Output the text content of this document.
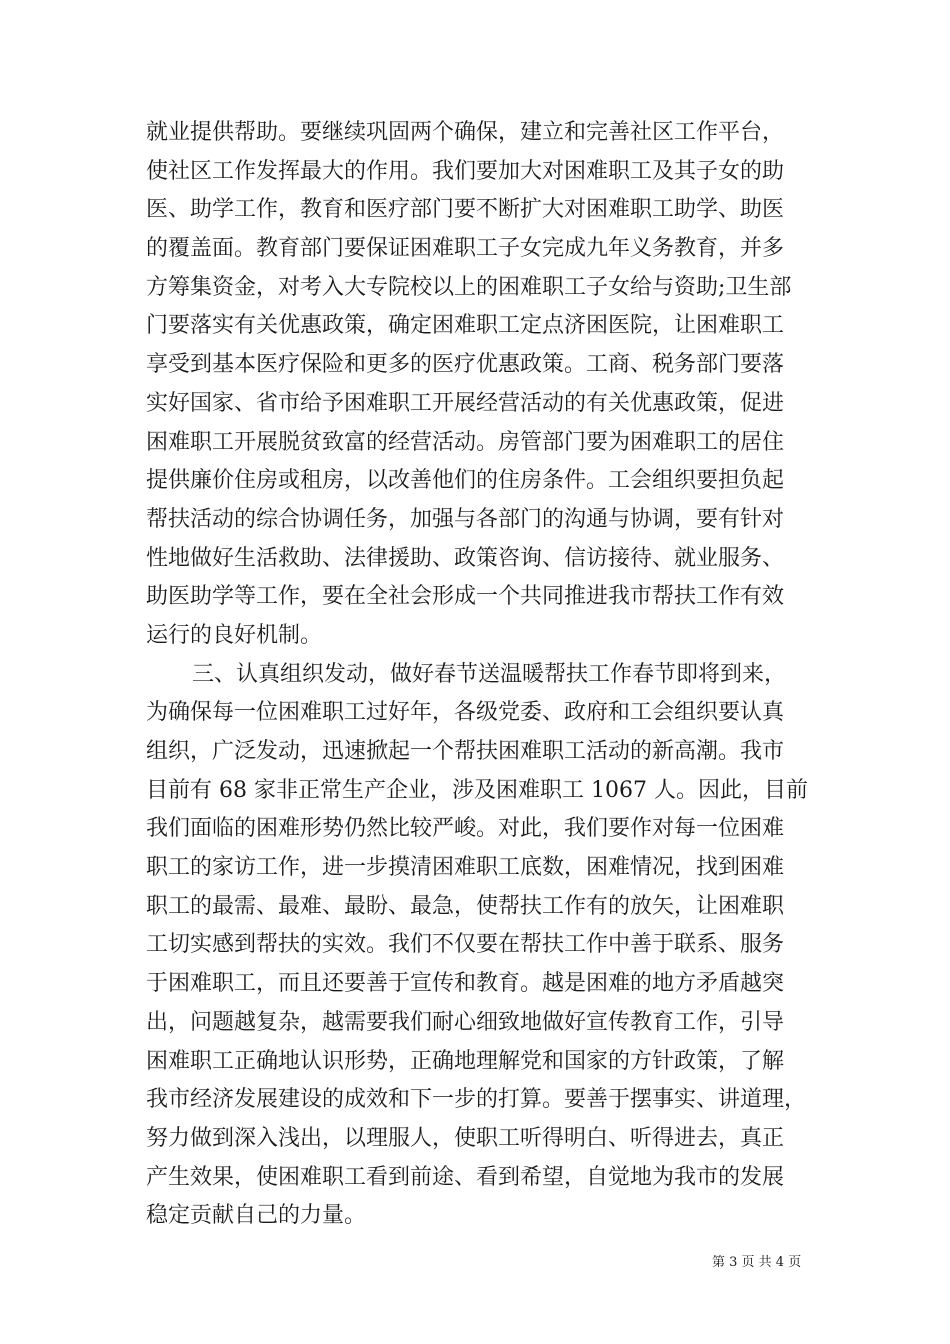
就业提供帮助。要继续巩固两个确保，建立和完善社区工作平台，
使社区工作发挥最大的作用。我们要加大对困难职工及其子女的助
医、助学工作，教育和医疗部门要不断扩大对困难职工助学、助医
的覆盖面。教育部门要保证困难职工子女完成九年义务教育，并多
方筹集资金，对考入大专院校以上的困难职工子女给与资助;卫生部
门要落实有关优惠政策，确定困难职工定点济困医院，让困难职工
享受到基本医疗保险和更多的医疗优惠政策。工商、税务部门要落
实好国家、省市给予困难职工开展经营活动的有关优惠政策，促进
困难职工开展脱贫致富的经营活动。房管部门要为困难职工的居住
提供廉价住房或租房，以改善他们的住房条件。工会组织要担负起
帮扶活动的综合协调任务，加强与各部门的沟通与协调，要有针对
性地做好生活救助、法律援助、政策咨询、信访接待、就业服务、
助医助学等工作，要在全社会形成一个共同推进我市帮扶工作有效
运行的良好机制。
三、认真组织发动，做好春节送温暖帮扶工作春节即将到来，
为确保每一位困难职工过好年，各级党委、政府和工会组织要认真
组织，广泛发动，迅速掀起一个帮扶困难职工活动的新高潮。我市
目前有 68 家非正常生产企业，涉及困难职工 1067 人。因此，目前
我们面临的困难形势仍然比较严峻。对此，我们要作对每一位困难
职工的家访工作，进一步摸清困难职工底数，困难情况，找到困难
职工的最需、最难、最盼、最急，使帮扶工作有的放矢，让困难职
工切实感到帮扶的实效。我们不仅要在帮扶工作中善于联系、服务
于困难职工，而且还要善于宣传和教育。越是困难的地方矛盾越突
出，问题越复杂，越需要我们耐心细致地做好宣传教育工作，引导
困难职工正确地认识形势，正确地理解党和国家的方针政策，了解
我市经济发展建设的成效和下一步的打算。要善于摆事实、讲道理，
努力做到深入浅出，以理服人，使职工听得明白、听得进去，真正
产生效果，使困难职工看到前途、看到希望，自觉地为我市的发展
稳定贡献自己的力量。
第 3 页 共 4 页
